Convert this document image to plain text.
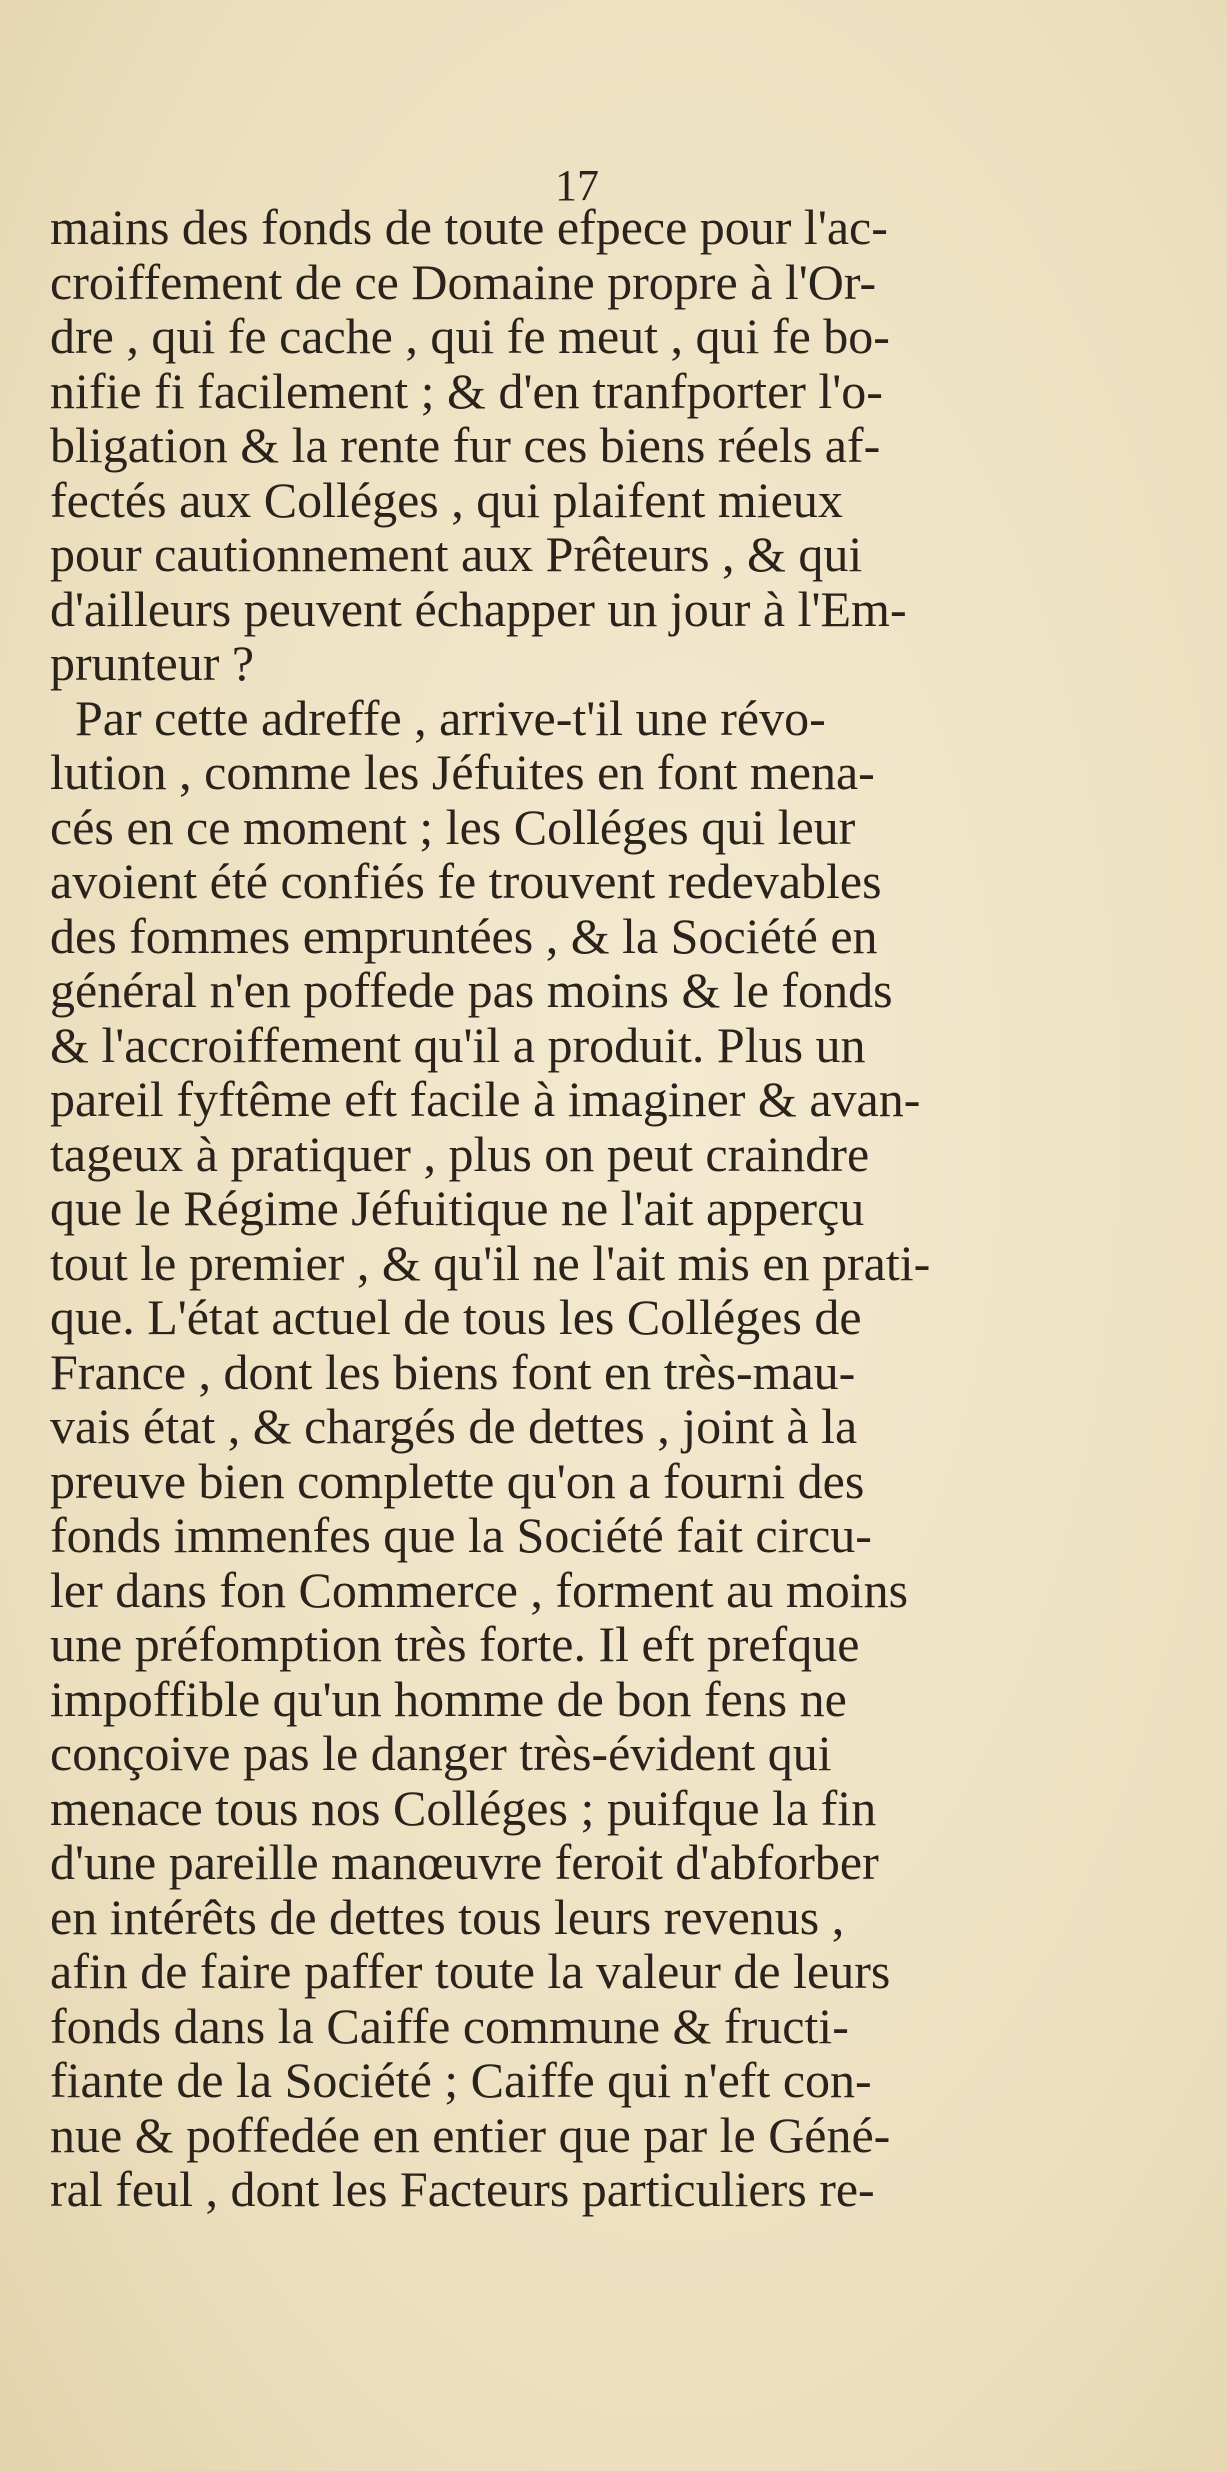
17
mains des fonds de toute efpece pour l'ac-
croiffement de ce Domaine propre à l'Or-
dre , qui fe cache , qui fe meut , qui fe bo-
nifie fi facilement ; & d'en tranfporter l'o-
bligation & la rente fur ces biens réels af-
fectés aux Colléges , qui plaifent mieux
pour cautionnement aux Prêteurs , & qui
d'ailleurs peuvent échapper un jour à l'Em-
prunteur ?
Par cette adreffe , arrive-t'il une révo-
lution , comme les Jéfuites en font mena-
cés en ce moment ; les Colléges qui leur
avoient été confiés fe trouvent redevables
des fommes empruntées , & la Société en
général n'en poffede pas moins & le fonds
& l'accroiffement qu'il a produit. Plus un
pareil fyftême eft facile à imaginer & avan-
tageux à pratiquer , plus on peut craindre
que le Régime Jéfuitique ne l'ait apperçu
tout le premier , & qu'il ne l'ait mis en prati-
que. L'état actuel de tous les Colléges de
France , dont les biens font en très-mau-
vais état , & chargés de dettes , joint à la
preuve bien complette qu'on a fourni des
fonds immenfes que la Société fait circu-
ler dans fon Commerce , forment au moins
une préfomption très forte. Il eft prefque
impoffible qu'un homme de bon fens ne
conçoive pas le danger très-évident qui
menace tous nos Colléges ; puifque la fin
d'une pareille manœuvre feroit d'abforber
en intérêts de dettes tous leurs revenus ,
afin de faire paffer toute la valeur de leurs
fonds dans la Caiffe commune & fructi-
fiante de la Société ; Caiffe qui n'eft con-
nue & poffedée en entier que par le Géné-
ral feul , dont les Facteurs particuliers re-
